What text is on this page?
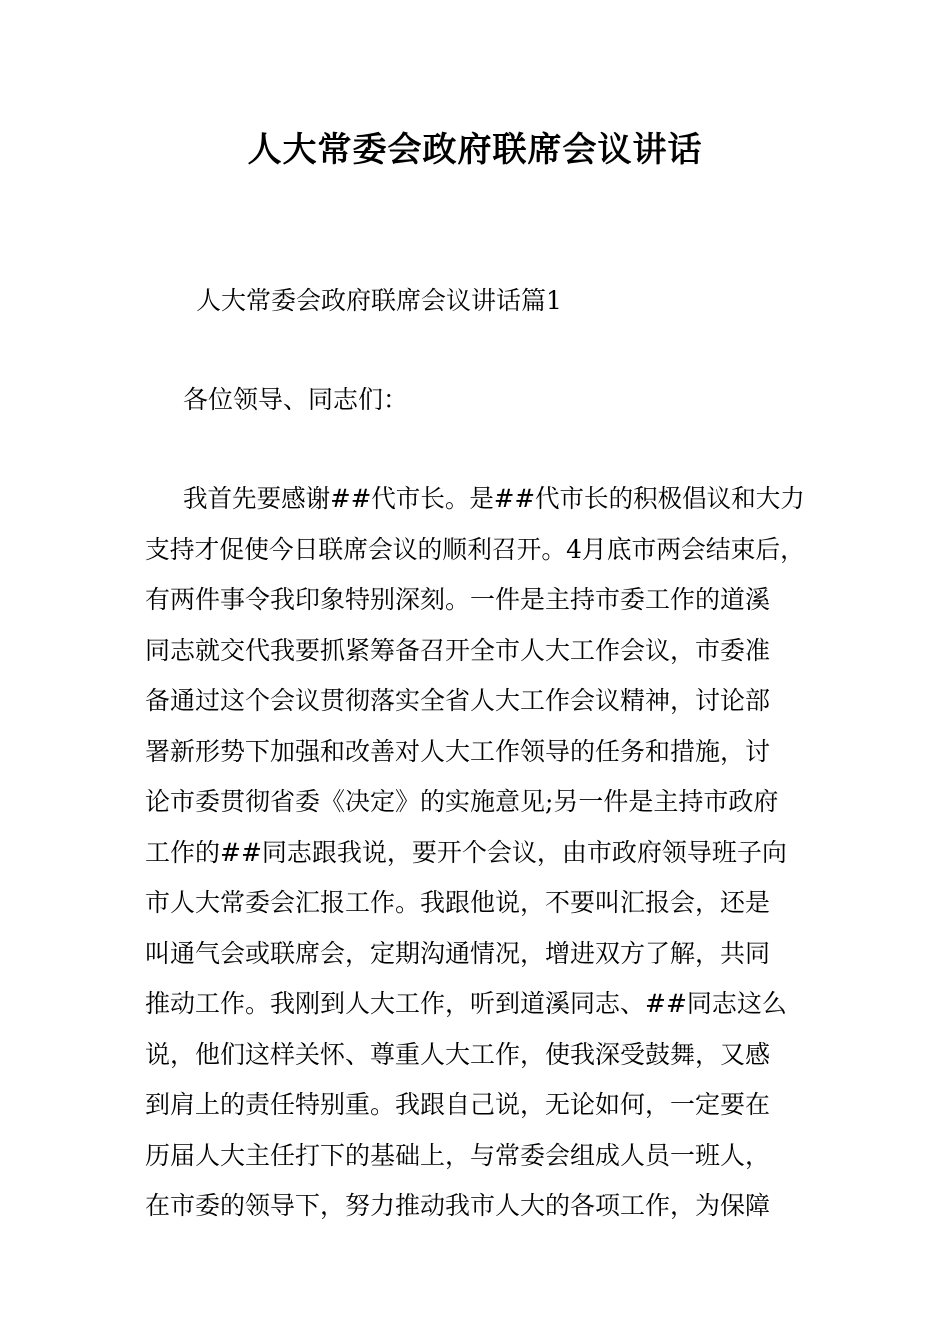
人大常委会政府联席会议讲话
人大常委会政府联席会议讲话篇1
各位领导、同志们：
我首先要感谢##代市长。是##代市长的积极倡议和大力
支持才促使今日联席会议的顺利召开。4月底市两会结束后，
有两件事令我印象特别深刻。一件是主持市委工作的道溪
同志就交代我要抓紧筹备召开全市人大工作会议，市委准
备通过这个会议贯彻落实全省人大工作会议精神，讨论部
署新形势下加强和改善对人大工作领导的任务和措施，讨
论市委贯彻省委《决定》的实施意见;另一件是主持市政府
工作的##同志跟我说，要开个会议，由市政府领导班子向
市人大常委会汇报工作。我跟他说，不要叫汇报会，还是
叫通气会或联席会，定期沟通情况，增进双方了解，共同
推动工作。我刚到人大工作，听到道溪同志、##同志这么
说，他们这样关怀、尊重人大工作，使我深受鼓舞，又感
到肩上的责任特别重。我跟自己说，无论如何，一定要在
历届人大主任打下的基础上，与常委会组成人员一班人，
在市委的领导下，努力推动我市人大的各项工作，为保障
